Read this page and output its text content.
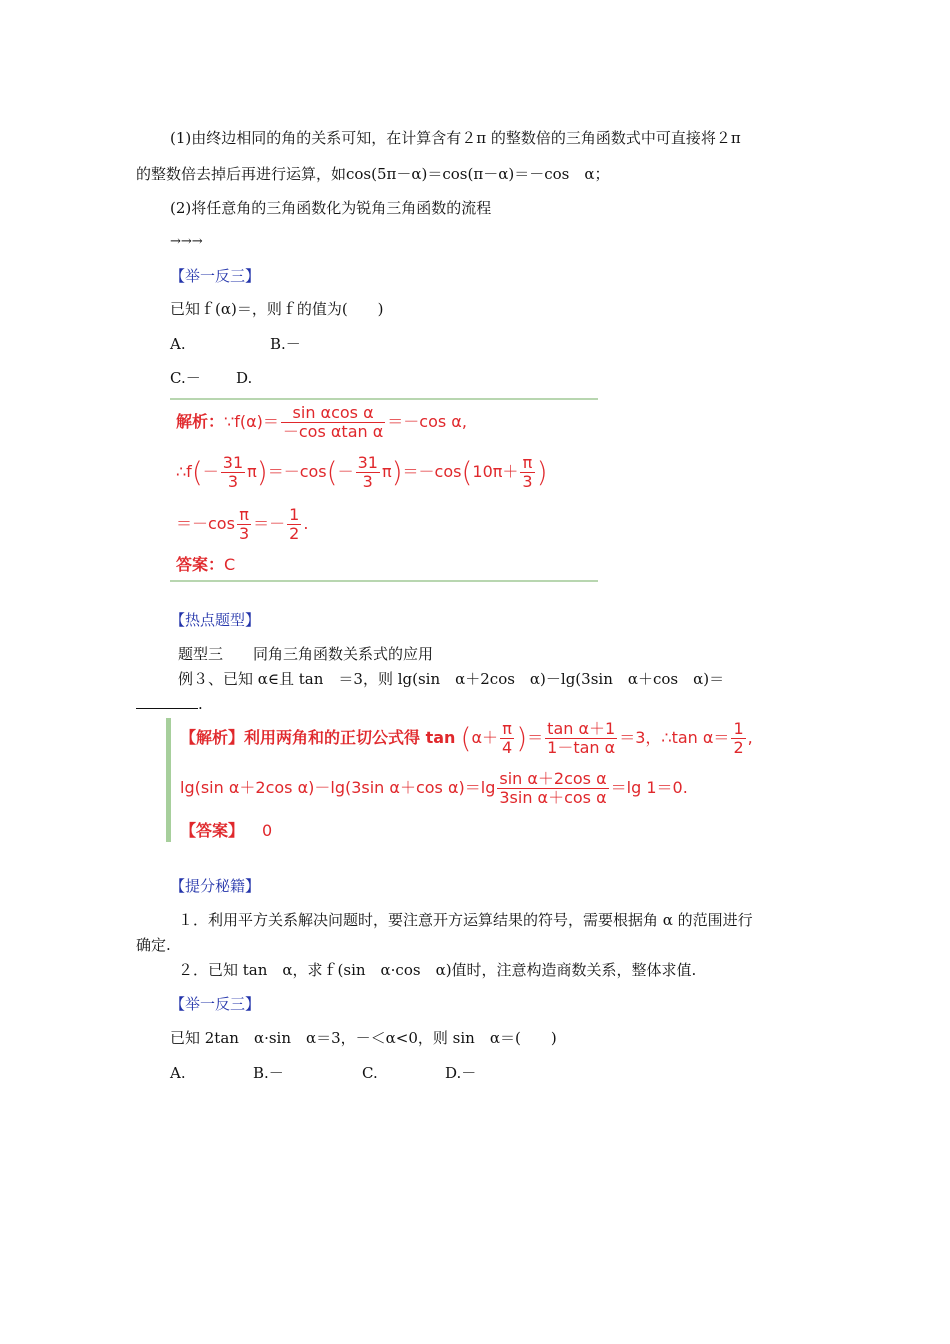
(1)由终边相同的角的关系可知，在计算含有２π 的整数倍的三角函数式中可直接将２π
的整数倍去掉后再进行运算，如cos(5π－α)＝cos(π－α)＝－cos　α；
(2)将任意角的三角函数化为锐角三角函数的流程
→→→
【举一反三】
已知ｆ(α)＝，则ｆ的值为(　　)
A.	B.－
C.－ D.
解析：∵f(α)＝ $\frac{\text{sin αcos α}}{\text{－cos αtan α}} =-\cos$ α,
∴f(－ $\frac{31}{3} \pi)=-\cos(- \frac{31}{3} \pi)=-\cos(10\pi+ \frac{\pi}{3}$ )
$=-\cos \frac{\pi}{3} =- \frac{1}{2}$ .
答案：C
【热点题型】
题型三　　同角三角函数关系式的应用
例３、已知 α∈且 tan　＝3，则 lg(sin　α＋2cos　α)－lg(3sin　α＋cos　α)＝
.
【解析】利用两角和的正切公式得 $\tan (\alpha+ \frac{\pi}{4}$ )＝ $\frac{\text{tan α＋1}}{\text{1－tan α}} =3$，∴tan $\alpha= \frac{1}{2}$ ,
lg(sin α＋2cos α)－lg(3sin α＋cos $\alpha)=\lg \frac{\text{sin α＋2cos α}}{\text{3sin α＋cos α}} =\lg$ 1＝0.
【答案】 0
【提分秘籍】
１．利用平方关系解决问题时，要注意开方运算结果的符号，需要根据角 α 的范围进行
确定.
２．已知 tan　α，求ｆ(sin　α·cos　α)值时，注意构造商数关系，整体求值.
【举一反三】
已知 2tan　α·sin　α＝3，－＜α<0，则 sin　α＝(　　)
A.	B.－	C.	D.－
